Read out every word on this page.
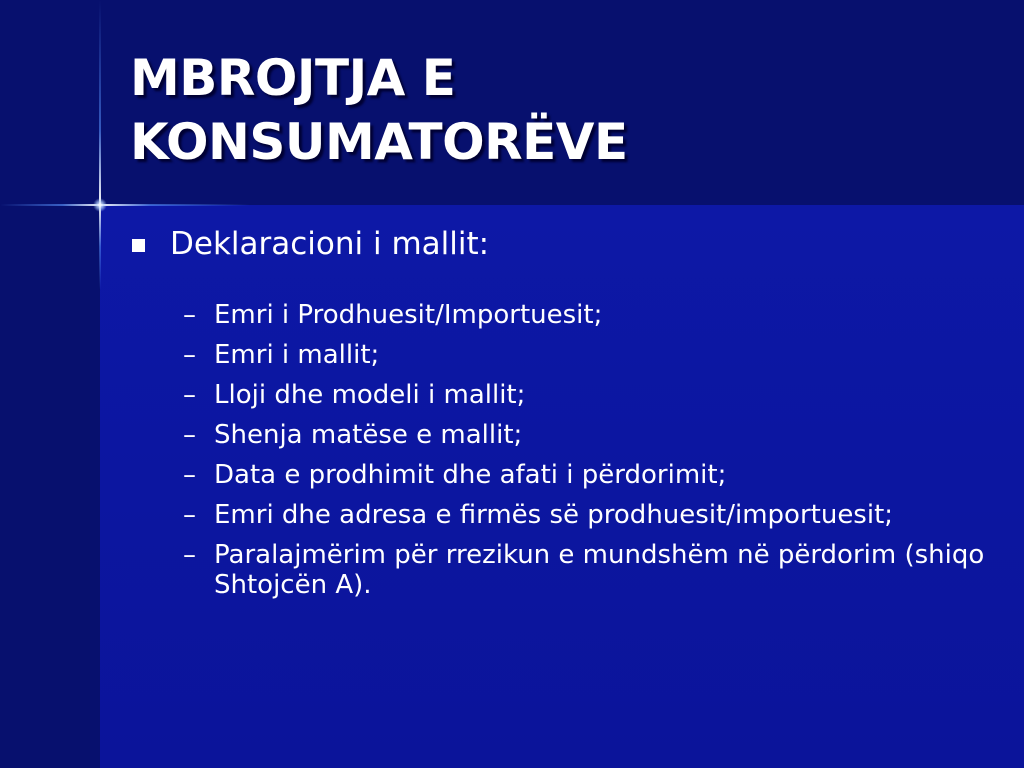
MBROJTJA E
KONSUMATORËVE
Deklaracioni i mallit:
– Emri i Prodhuesit/Importuesit;
– Emri i mallit;
– Lloji dhe modeli i mallit;
– Shenja matëse e mallit;
– Data e prodhimit dhe afati i përdorimit;
– Emri dhe adresa e firmës së prodhuesit/importuesit;
– Paralajmërim për rrezikun e mundshëm në përdorim (shiqo Shtojcën A).
